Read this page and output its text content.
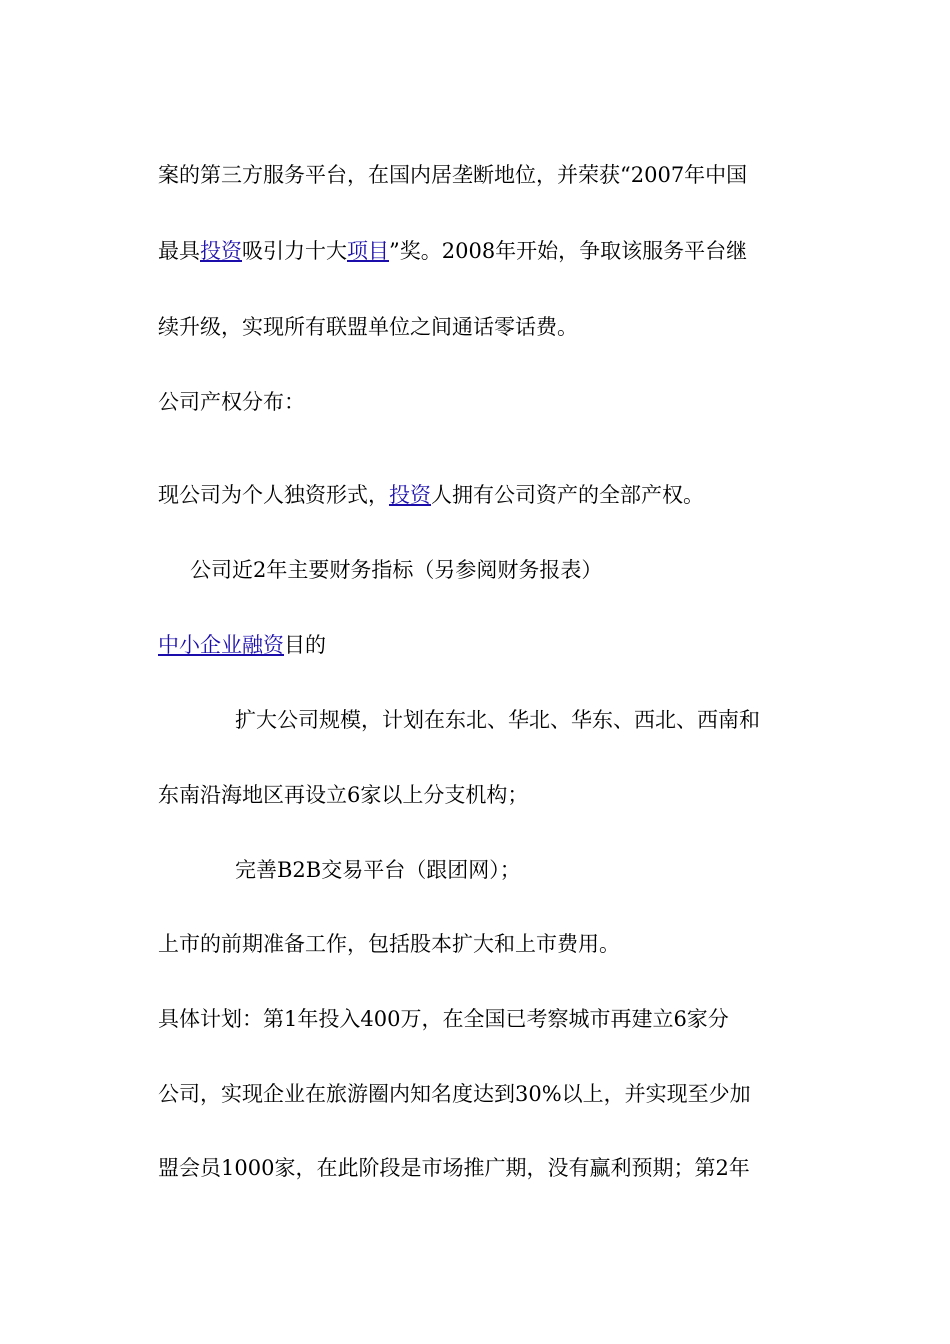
案的第三方服务平台，在国内居垄断地位，并荣获“2007年中国

最具投资吸引力十大项目”奖。2008年开始，争取该服务平台继

续升级，实现所有联盟单位之间通话零话费。

公司产权分布：

现公司为个人独资形式，投资人拥有公司资产的全部产权。

公司近2年主要财务指标（另参阅财务报表）

中小企业融资目的

扩大公司规模，计划在东北、华北、华东、西北、西南和

东南沿海地区再设立6家以上分支机构；

完善B2B交易平台（跟团网）；

上市的前期准备工作，包括股本扩大和上市费用。

具体计划：第1年投入400万，在全国已考察城市再建立6家分

公司，实现企业在旅游圈内知名度达到30%以上，并实现至少加

盟会员1000家，在此阶段是市场推广期，没有赢利预期；第2年
